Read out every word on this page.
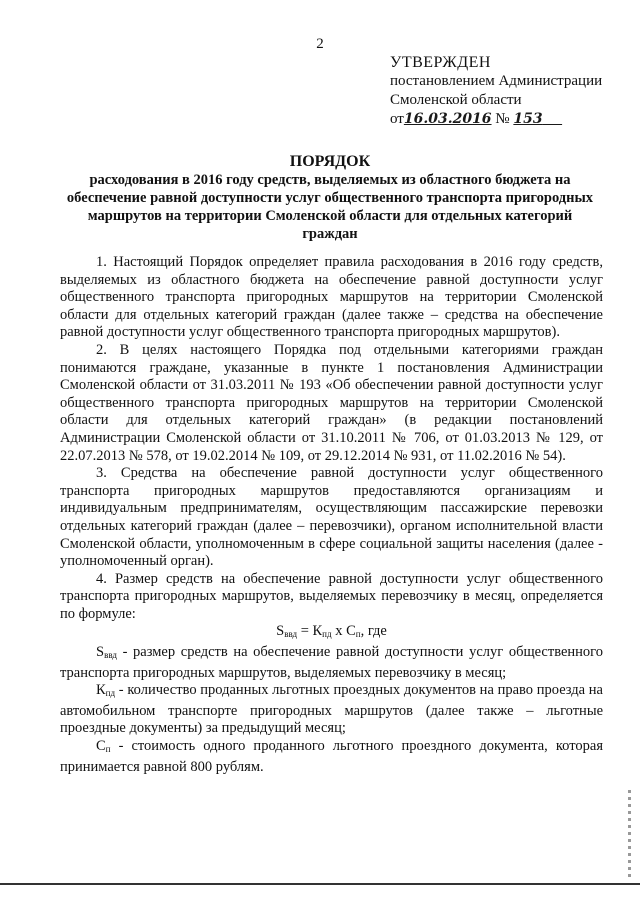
2
УТВЕРЖДЕН
постановлением Администрации
Смоленской области
от16.03.2016 № 153
ПОРЯДОК
расходования в 2016 году средств, выделяемых из областного бюджета на обеспечение равной доступности услуг общественного транспорта пригородных маршрутов на территории Смоленской области для отдельных категорий граждан

1. Настоящий Порядок определяет правила расходования в 2016 году средств, выделяемых из областного бюджета на обеспечение равной доступности услуг общественного транспорта пригородных маршрутов на территории Смоленской области для отдельных категорий граждан (далее также – средства на обеспечение равной доступности услуг общественного транспорта пригородных маршрутов).

2. В целях настоящего Порядка под отдельными категориями граждан понимаются граждане, указанные в пункте 1 постановления Администрации Смоленской области от 31.03.2011 № 193 «Об обеспечении равной доступности услуг общественного транспорта пригородных маршрутов на территории Смоленской области для отдельных категорий граждан» (в редакции постановлений Администрации Смоленской области от 31.10.2011 № 706, от 01.03.2013 № 129, от 22.07.2013 № 578, от 19.02.2014 № 109, от 29.12.2014 № 931, от 11.02.2016 № 54).

3. Средства на обеспечение равной доступности услуг общественного транспорта пригородных маршрутов предоставляются организациям и индивидуальным предпринимателям, осуществляющим пассажирские перевозки отдельных категорий граждан (далее – перевозчики), органом исполнительной власти Смоленской области, уполномоченным в сфере социальной защиты населения (далее - уполномоченный орган).

4. Размер средств на обеспечение равной доступности услуг общественного транспорта пригородных маршрутов, выделяемых перевозчику в месяц, определяется по формуле:

$S_{ввд} = К_{пд}$ х $С_п$, где

$S_{ввд}$ - размер средств на обеспечение равной доступности услуг общественного транспорта пригородных маршрутов, выделяемых перевозчику в месяц;

$К_{пд}$ - количество проданных льготных проездных документов на право проезда на автомобильном транспорте пригородных маршрутов (далее также – льготные проездные документы) за предыдущий месяц;

$С_п$ - стоимость одного проданного льготного проездного документа, которая принимается равной 800 рублям.
